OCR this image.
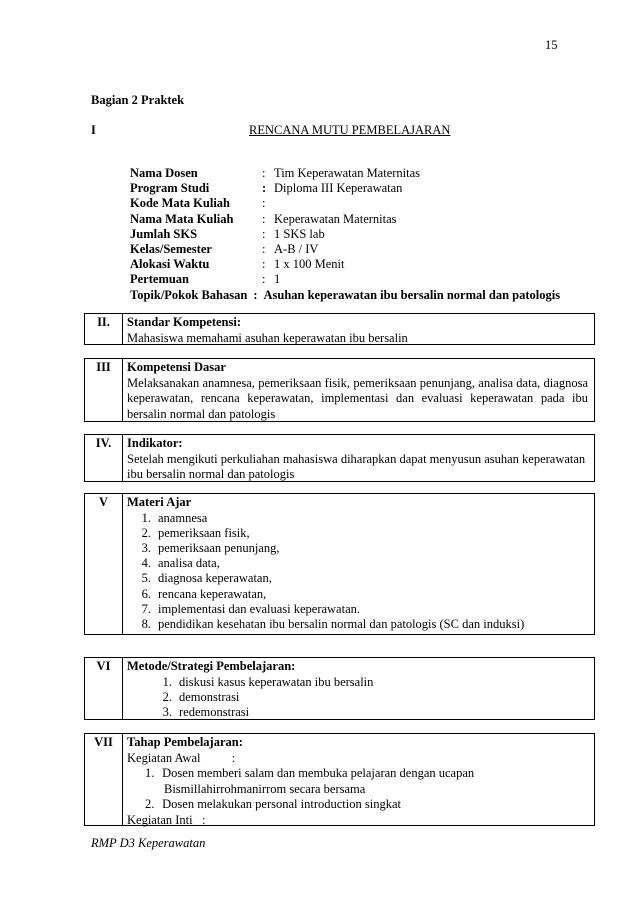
15
Bagian 2 Praktek
I	RENCANA MUTU PEMBELAJARAN
Nama Dosen	: Tim Keperawatan Maternitas
Program Studi	: Diploma III Keperawatan
Kode Mata Kuliah	:
Nama Mata Kuliah : Keperawatan Maternitas
Jumlah SKS	: 1 SKS lab
Kelas/Semester	: A-B / IV
Alokasi Waktu	: 1 x 100 Menit
Pertemuan	: 1
Topik/Pokok Bahasan : Asuhan keperawatan ibu bersalin normal dan patologis
II.	Standar Kompetensi:
Mahasiswa memahami asuhan keperawatan ibu bersalin
III	Kompetensi Dasar
Melaksanakan anamnesa, pemeriksaan fisik, pemeriksaan penunjang, analisa data, diagnosa keperawatan, rencana keperawatan, implementasi dan evaluasi keperawatan pada ibu bersalin normal dan patologis
IV.	Indikator:
Setelah mengikuti perkuliahan mahasiswa diharapkan dapat menyusun asuhan keperawatan ibu bersalin normal dan patologis
V	Materi Ajar
1. anamnesa
2. pemeriksaan fisik,
3. pemeriksaan penunjang,
4. analisa data,
5. diagnosa keperawatan,
6. rencana keperawatan,
7. implementasi dan evaluasi keperawatan.
8. pendidikan kesehatan ibu bersalin normal dan patologis (SC dan induksi)
VI	Metode/Strategi Pembelajaran:
1. diskusi kasus keperawatan ibu bersalin
2. demonstrasi
3. redemonstrasi
VII	Tahap Pembelajaran:
Kegiatan Awal          :
1. Dosen memberi salam dan membuka pelajaran dengan ucapan
Bismillahirrohmanirrom secara bersama
2. Dosen melakukan personal introduction singkat
Kegiatan Inti   :
RMP D3 Keperawatan
